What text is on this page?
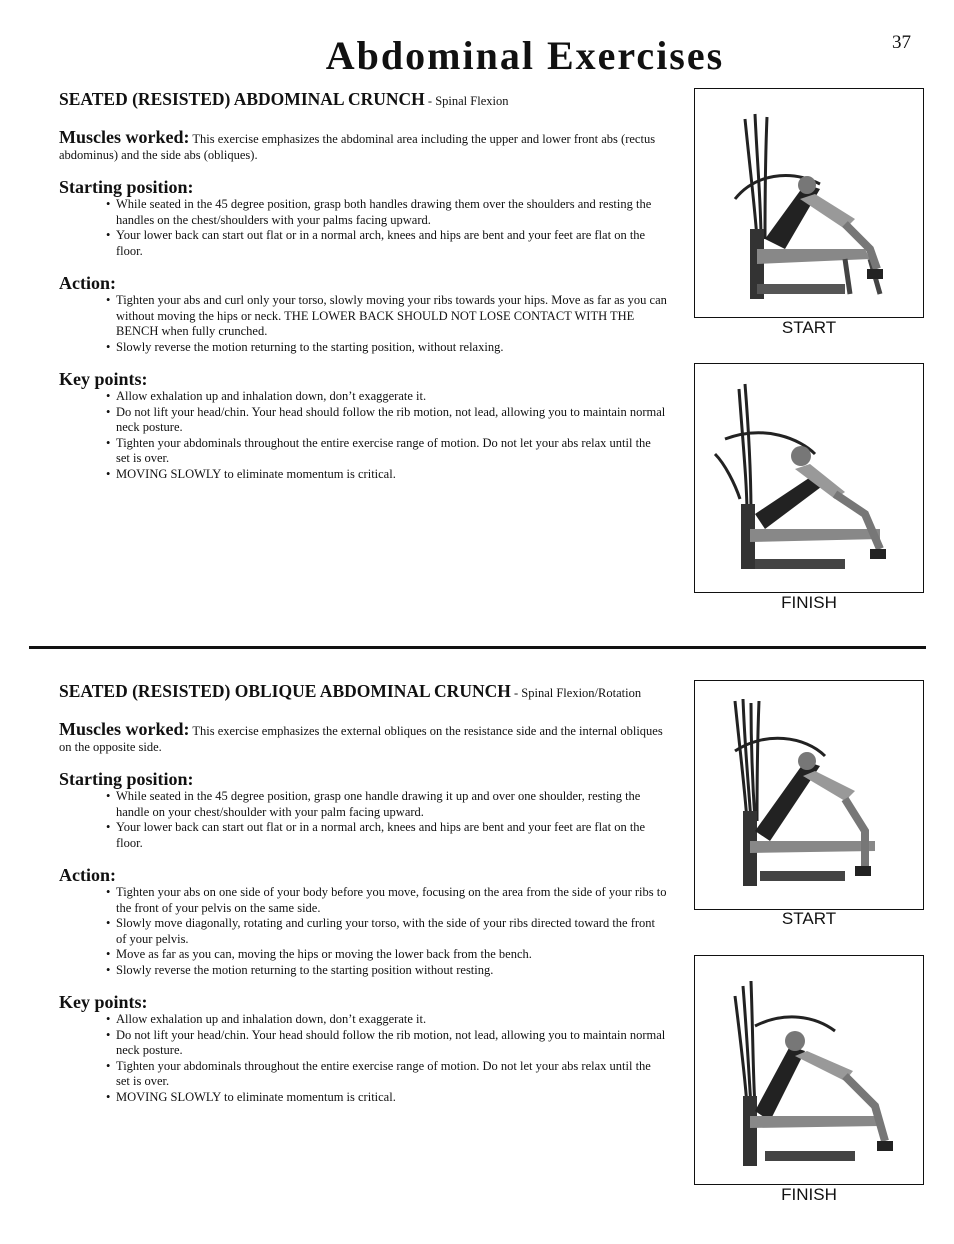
37
Abdominal Exercises
SEATED (RESISTED) ABDOMINAL CRUNCH - Spinal Flexion
Muscles worked: This exercise emphasizes the abdominal area including the upper and lower front abs (rectus abdominus) and the side abs (obliques).
Starting position:
• While seated in the 45 degree position, grasp both handles drawing them over the shoulders and resting the handles on the chest/shoulders with your palms facing upward.
• Your lower back can start out flat or in a normal arch, knees and hips are bent and your feet are flat on the floor.
Action:
• Tighten your abs and curl only your torso, slowly moving your ribs towards your hips. Move as far as you can without moving the hips or neck. THE LOWER BACK SHOULD NOT LOSE CONTACT WITH THE BENCH when fully crunched.
• Slowly reverse the motion returning to the starting position, without relaxing.
Key points:
• Allow exhalation up and inhalation down, don’t exaggerate it.
• Do not lift your head/chin. Your head should follow the rib motion, not lead, allowing you to maintain normal neck posture.
• Tighten your abdominals throughout the entire exercise range of motion. Do not let your abs relax until the set is over.
• MOVING SLOWLY to eliminate momentum is critical.
START
FINISH
SEATED (RESISTED) OBLIQUE ABDOMINAL CRUNCH - Spinal Flexion/Rotation
Muscles worked: This exercise emphasizes the external obliques on the resistance side and the internal obliques on the opposite side.
Starting position:
• While seated in the 45 degree position, grasp one handle drawing it up and over one shoulder, resting the handle on your chest/shoulder with your palm facing upward.
• Your lower back can start out flat or in a normal arch, knees and hips are bent and your feet are flat on the floor.
Action:
• Tighten your abs on one side of your body before you move, focusing on the area from the side of your ribs to the front of your pelvis on the same side.
• Slowly move diagonally, rotating and curling your torso, with the side of your ribs directed toward the front of your pelvis.
• Move as far as you can, moving the hips or moving the lower back from the bench.
• Slowly reverse the motion returning to the starting position without resting.
Key points:
• Allow exhalation up and inhalation down, don’t exaggerate it.
• Do not lift your head/chin. Your head should follow the rib motion, not lead, allowing you to maintain normal neck posture.
• Tighten your abdominals throughout the entire exercise range of motion. Do not let your abs relax until the set is over.
• MOVING SLOWLY to eliminate momentum is critical.
START
FINISH
